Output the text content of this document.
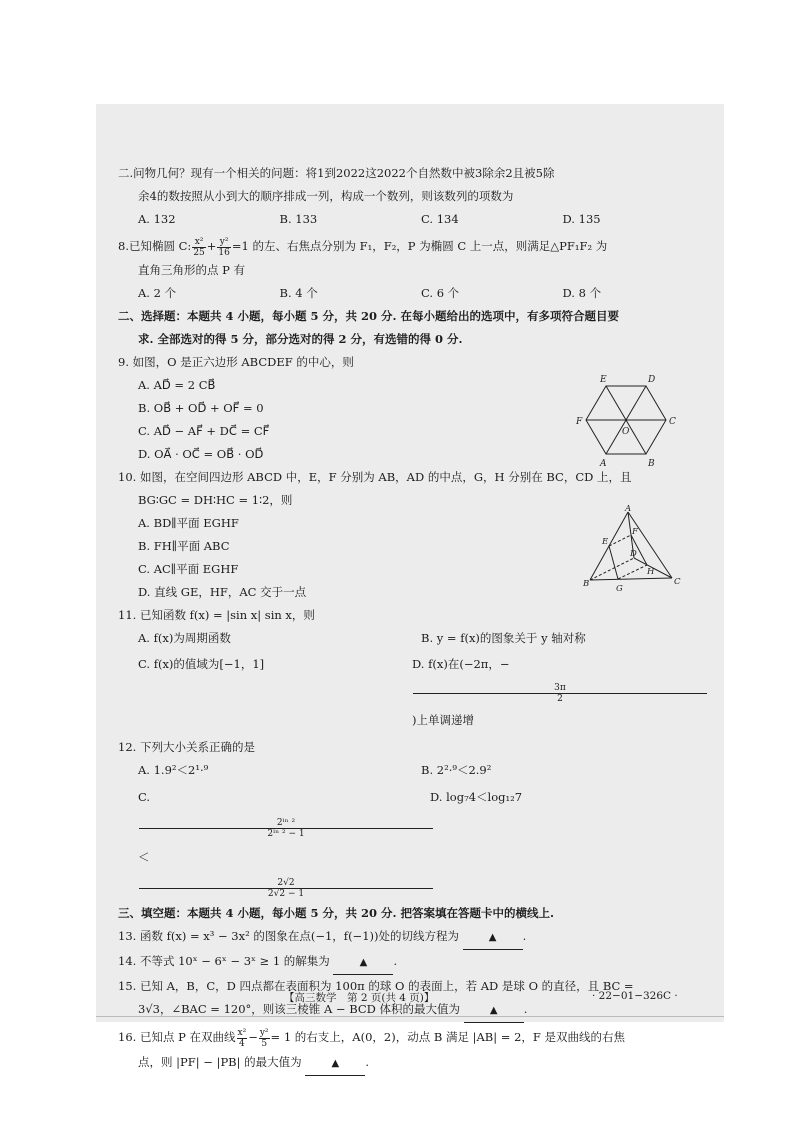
二.问物几何？现有一个相关的问题：将1到2022这2022个自然数中被3除余2且被5除
余4的数按照从小到大的顺序排成一列，构成一个数列，则该数列的项数为
A. 132	B. 133	C. 134	D. 135
8.已知椭圆 C: $\frac{\text{x²}}{25} + \frac{\text{y²}}{16} =1$ 的左、右焦点分别为 F₁，F₂，P 为椭圆 C 上一点，则满足△PF₁F₂ 为
直角三角形的点 P 有
A. 2 个	B. 4 个	C. 6 个	D. 8 个
二、选择题：本题共 4 小题，每小题 5 分，共 20 分. 在每小题给出的选项中，有多项符合题目要
求. 全部选对的得 5 分，部分选对的得 2 分，有选错的得 0 分.
9. 如图，O 是正六边形 ABCDEF 的中心，则
A. AD⃗ = 2 CB⃗
B. OB⃗ + OD⃗ + OF⃗ = 0
C. AD⃗ − AF⃗ + DC⃗ = CF⃗
D. OA⃗ · OC⃗ = OB⃗ · OD⃗
10. 如图，在空间四边形 ABCD 中，E，F 分别为 AB，AD 的中点，G，H 分别在 BC，CD 上，且
BG∶GC = DH∶HC = 1∶2，则
A. BD∥平面 EGHF
B. FH∥平面 ABC
C. AC∥平面 EGHF
D. 直线 GE，HF，AC 交于一点
11. 已知函数 f(x) = |sin x| sin x，则
A. f(x)为周期函数	B. y = f(x)的图象关于 y 轴对称
C. f(x)的值域为[−1，1]	D. f(x)在(−2π，−
$\frac{3\pi}{2}$
)上单调递增
12. 下列大小关系正确的是
A. 1.9²＜2¹·⁹	B. 2²·⁹＜2.9²
C.
$\frac{\text{2ˡⁿ ²}}{\text{2ˡⁿ ² − 1}}$
＜
$\frac{2√2}{2√2 - 1}$
D. log₇4＜log₁₂7
三、填空题：本题共 4 小题，每小题 5 分，共 20 分. 把答案填在答题卡中的横线上.
13. 函数 f(x) = x³ − 3x² 的图象在点(−1，f(−1))处的切线方程为	▲ .
14. 不等式 10ˣ − 6ˣ − 3ˣ ≥ 1 的解集为	▲ .
15. 已知 A，B，C，D 四点都在表面积为 100π 的球 O 的表面上，若 AD 是球 O 的直径，且 BC =
3√3，∠BAC = 120°，则该三棱锥 A − BCD 体积的最大值为	▲ .
16. 已知点 P 在双曲线 $\frac{\text{x²}}{4} - \frac{\text{y²}}{5} = 1$ 的右支上，A(0，2)，动点 B 满足 |AB| = 2，F 是双曲线的右焦
点，则 |PF| − |PB| 的最大值为	▲ .
E	D
C
F
A	B
O
A
B	C
D
E
F
G
H
【高三数学　第 2 页(共 4 页)】	· 22−01−326C ·
